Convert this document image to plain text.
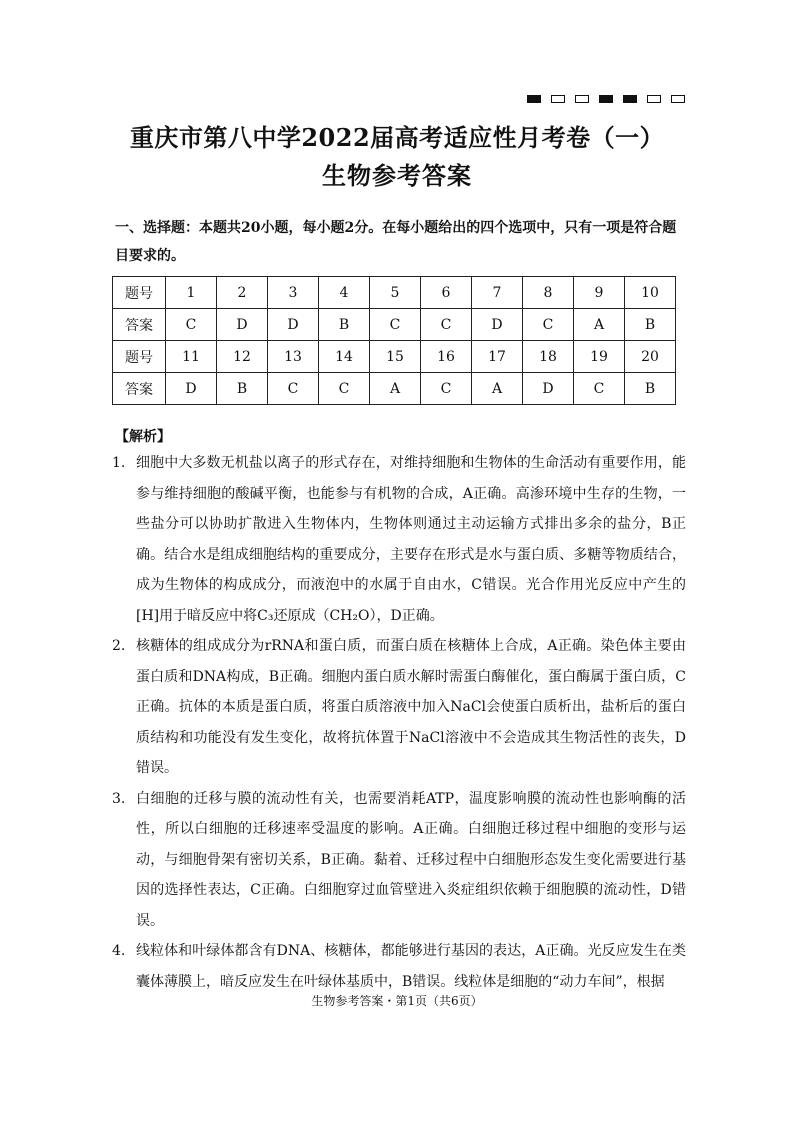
重庆市第八中学2022届高考适应性月考卷（一）
生物参考答案
一、选择题：本题共20小题，每小题2分。在每小题给出的四个选项中，只有一项是符合题目要求的。
题号	1	2	3	4	5	6	7	8	9	10
答案	C	D	D	B	C	C	D	C	A	B
题号	11	12	13	14	15	16	17	18	19	20
答案	D	B	C	C	A	C	A	D	C	B
【解析】
1. 细胞中大多数无机盐以离子的形式存在，对维持细胞和生物体的生命活动有重要作用，能参与维持细胞的酸碱平衡，也能参与有机物的合成，A正确。高渗环境中生存的生物，一些盐分可以协助扩散进入生物体内，生物体则通过主动运输方式排出多余的盐分，B正确。结合水是组成细胞结构的重要成分，主要存在形式是水与蛋白质、多糖等物质结合，成为生物体的构成成分，而液泡中的水属于自由水，C错误。光合作用光反应中产生的[H]用于暗反应中将C₃还原成（CH₂O），D正确。
2. 核糖体的组成成分为rRNA和蛋白质，而蛋白质在核糖体上合成，A正确。染色体主要由蛋白质和DNA构成，B正确。细胞内蛋白质水解时需蛋白酶催化，蛋白酶属于蛋白质，C正确。抗体的本质是蛋白质，将蛋白质溶液中加入NaCl会使蛋白质析出，盐析后的蛋白质结构和功能没有发生变化，故将抗体置于NaCl溶液中不会造成其生物活性的丧失，D错误。
3. 白细胞的迁移与膜的流动性有关，也需要消耗ATP，温度影响膜的流动性也影响酶的活性，所以白细胞的迁移速率受温度的影响。A正确。白细胞迁移过程中细胞的变形与运动，与细胞骨架有密切关系，B正确。黏着、迁移过程中白细胞形态发生变化需要进行基因的选择性表达，C正确。白细胞穿过血管壁进入炎症组织依赖于细胞膜的流动性，D错误。
4. 线粒体和叶绿体都含有DNA、核糖体，都能够进行基因的表达，A正确。光反应发生在类囊体薄膜上，暗反应发生在叶绿体基质中，B错误。线粒体是细胞的“动力车间”，根据
生物参考答案・第1页（共6页）
